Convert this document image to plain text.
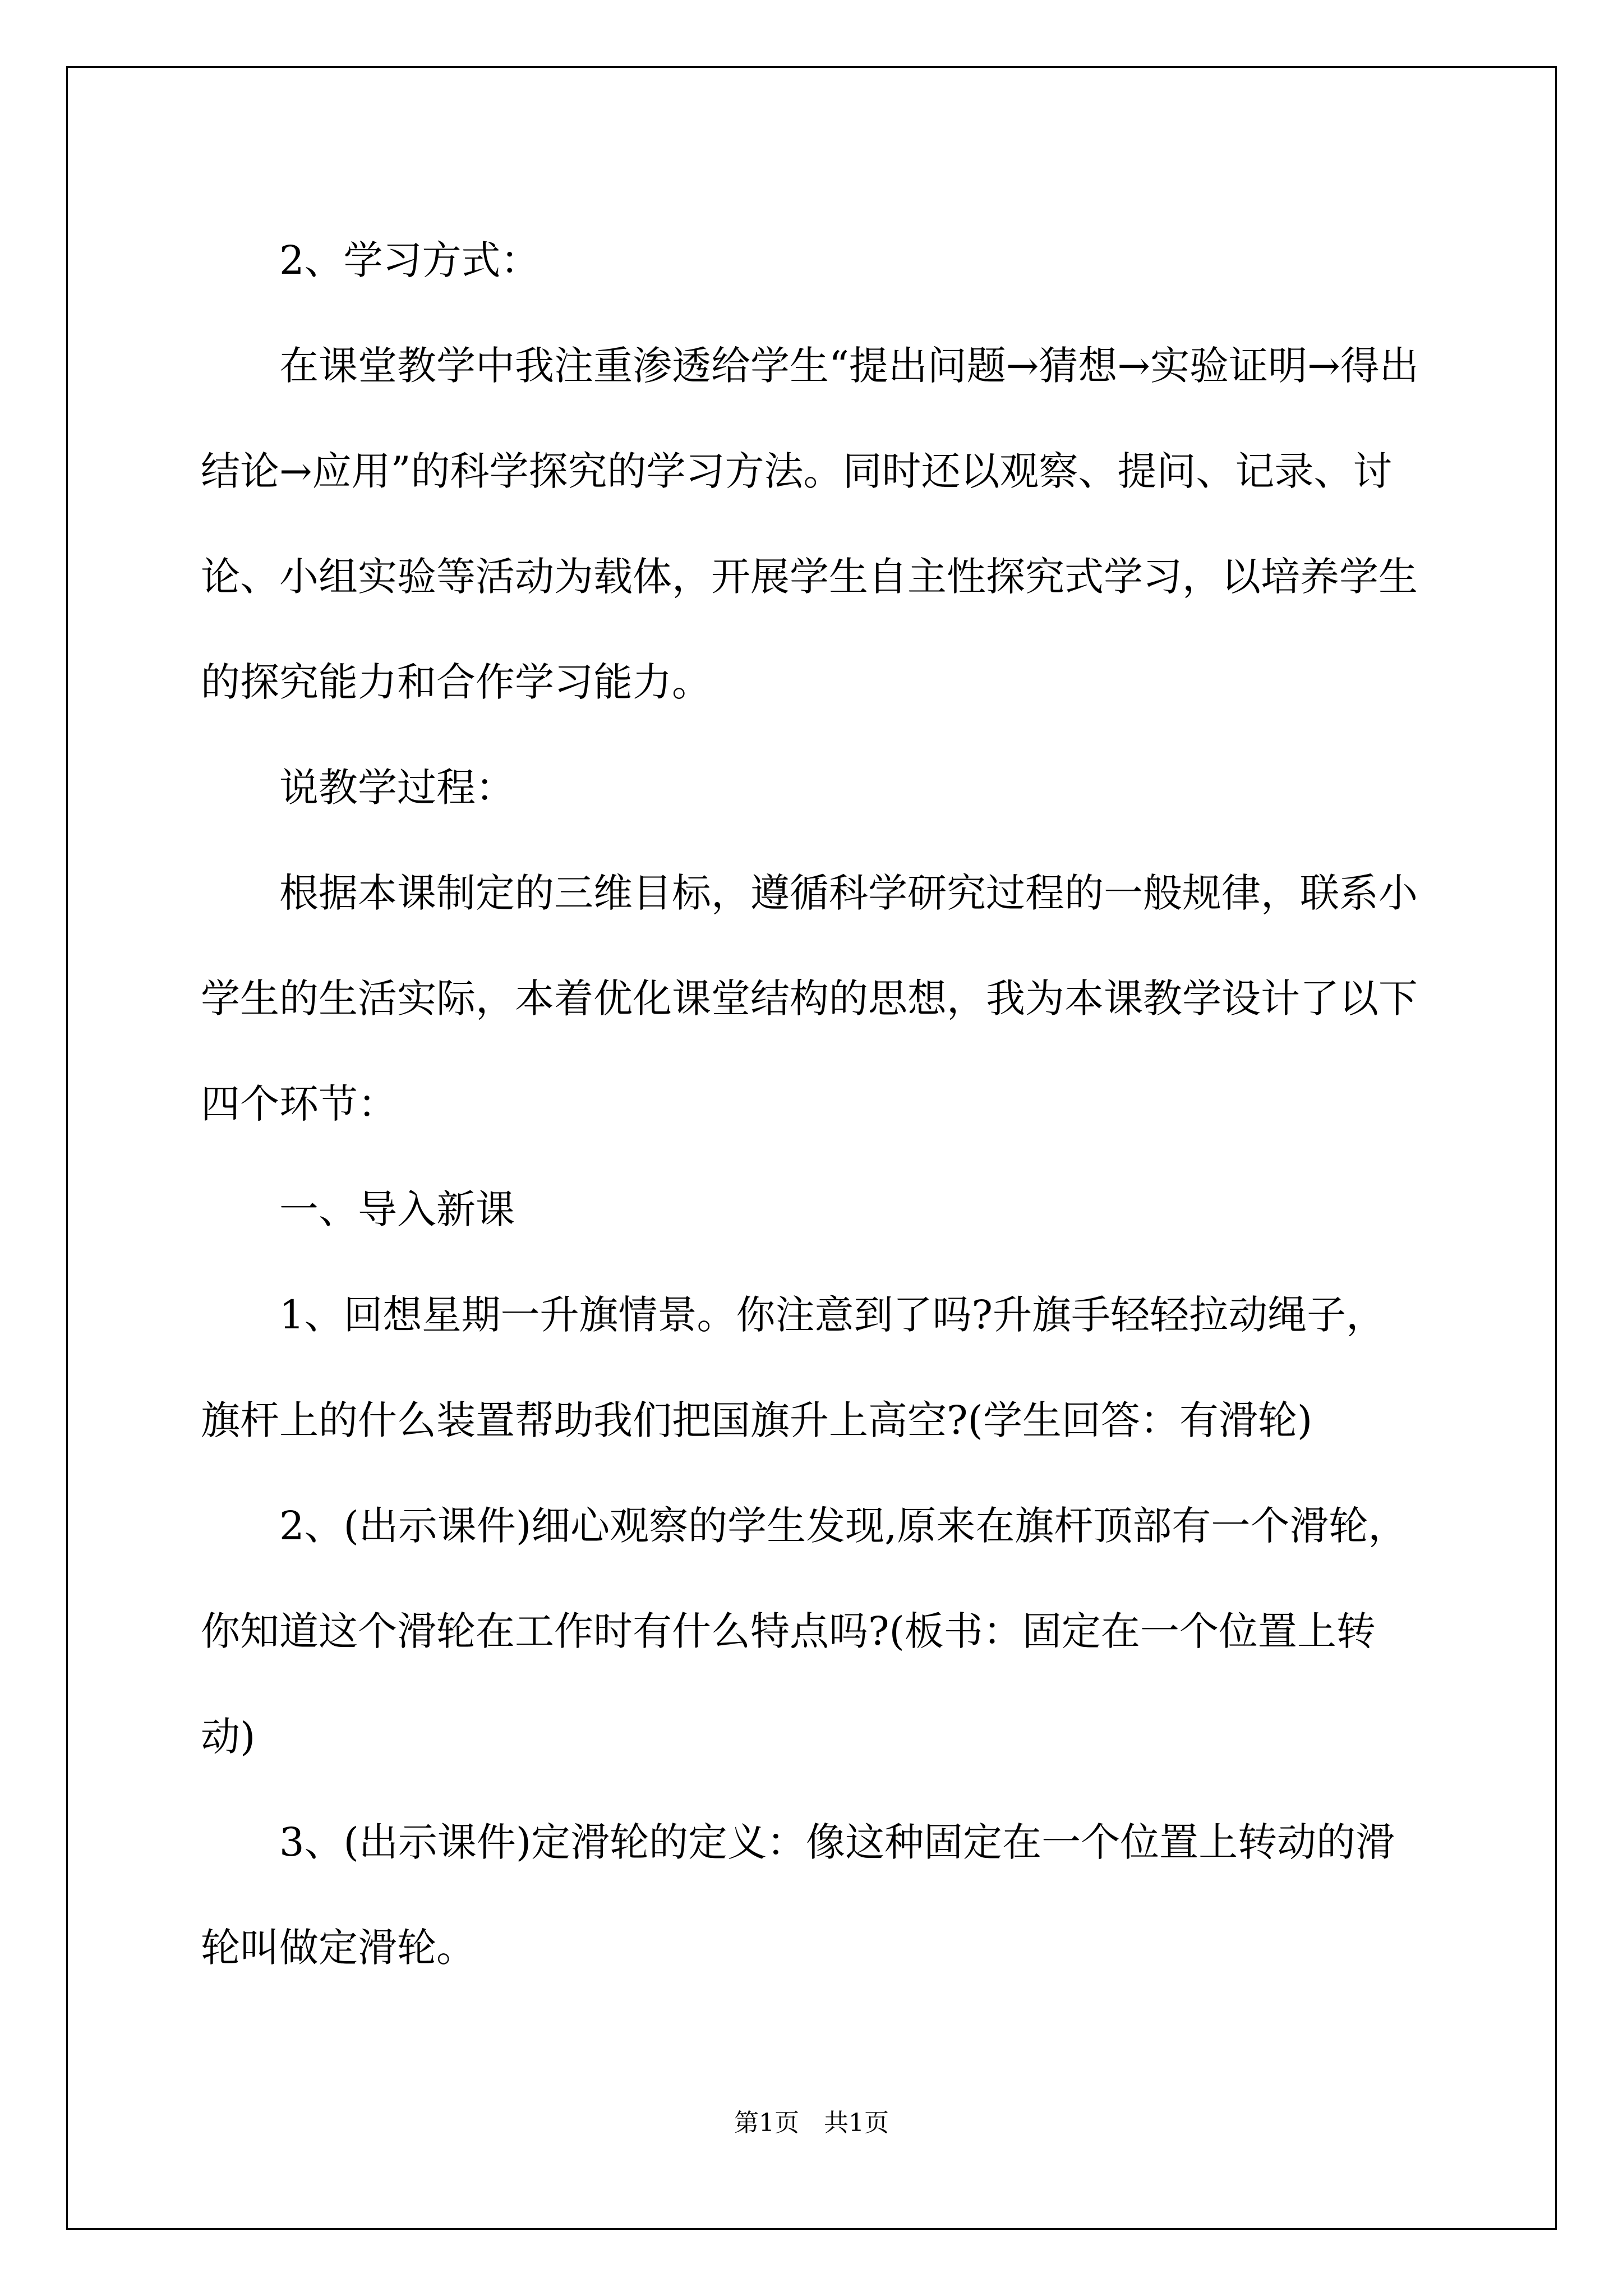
2、学习方式：

在课堂教学中我注重渗透给学生“提出问题→猜想→实验证明→得出结论→应用”的科学探究的学习方法。同时还以观察、提问、记录、讨论、小组实验等活动为载体，开展学生自主性探究式学习，以培养学生的探究能力和合作学习能力。

说教学过程：

根据本课制定的三维目标，遵循科学研究过程的一般规律，联系小学生的生活实际，本着优化课堂结构的思想，我为本课教学设计了以下四个环节：

一、导入新课

1、回想星期一升旗情景。你注意到了吗?升旗手轻轻拉动绳子，旗杆上的什么装置帮助我们把国旗升上高空?(学生回答：有滑轮)

2、(出示课件)细心观察的学生发现,原来在旗杆顶部有一个滑轮，你知道这个滑轮在工作时有什么特点吗?(板书：固定在一个位置上转动)

3、(出示课件)定滑轮的定义：像这种固定在一个位置上转动的滑轮叫做定滑轮。

第1页　共1页
